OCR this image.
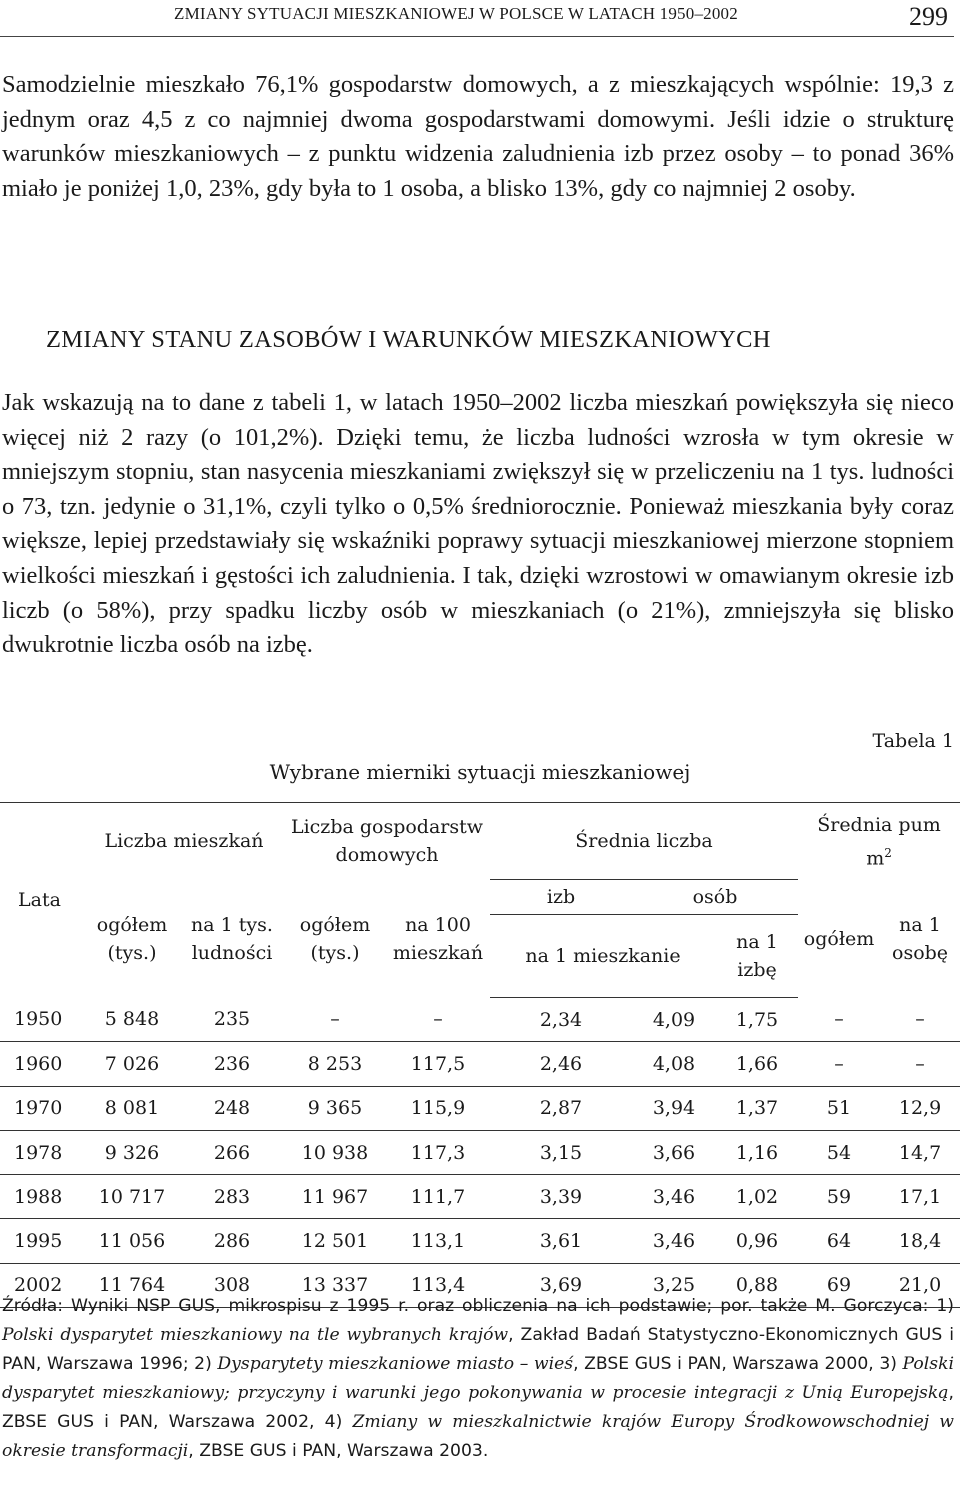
ZMIANY SYTUACJI MIESZKANIOWEJ W POLSCE W LATACH 1950–2002	299

Samodzielnie mieszkało 76,1% gospodarstw domowych, a z mieszkających wspólnie: 19,3 z jednym oraz 4,5 z co najmniej dwoma gospodarstwami domowymi. Jeśli idzie o strukturę warunków mieszkaniowych – z punktu widzenia zaludnienia izb przez osoby – to ponad 36% miało je poniżej 1,0, 23%, gdy była to 1 osoba, a blisko 13%, gdy co najmniej 2 osoby.

ZMIANY STANU ZASOBÓW I WARUNKÓW MIESZKANIOWYCH

Jak wskazują na to dane z tabeli 1, w latach 1950–2002 liczba mieszkań powiększyła się nieco więcej niż 2 razy (o 101,2%). Dzięki temu, że liczba ludności wzrosła w tym okresie w mniejszym stopniu, stan nasycenia mieszkaniami zwiększył się w przeliczeniu na 1 tys. ludności o 73, tzn. jedynie o 31,1%, czyli tylko o 0,5% średniorocznie. Ponieważ mieszkania były coraz większe, lepiej przedstawiały się wskaźniki poprawy sytuacji mieszkaniowej mierzone stopniem wielkości mieszkań i gęstości ich zaludnienia. I tak, dzięki wzrostowi w omawianym okresie izb liczb (o 58%), przy spadku liczby osób w mieszkaniach (o 21%), zmniejszyła się blisko dwukrotnie liczba osób na izbę.

Tabela 1
Wybrane mierniki sytuacji mieszkaniowej
Lata	Liczba mieszkań		Liczba gospodarstw domowych		Średnia liczba			Średnia pum
$m^2$
	ogółem (tys.)	na 1 tys. ludności	ogółem (tys.)	na 100 mieszkań	izb	osób		ogółem	na 1 osobę
					na 1 mieszkanie		na 1 izbę		
1950	5 848	235	–	–	2,34	4,09	1,75	–	–
1960	7 026	236	8 253	117,5	2,46	4,08	1,66	–	–
1970	8 081	248	9 365	115,9	2,87	3,94	1,37	51	12,9
1978	9 326	266	10 938	117,3	3,15	3,66	1,16	54	14,7
1988	10 717	283	11 967	111,7	3,39	3,46	1,02	59	17,1
1995	11 056	286	12 501	113,1	3,61	3,46	0,96	64	18,4
2002	11 764	308	13 337	113,4	3,69	3,25	0,88	69	21,0

Źródła: Wyniki NSP GUS, mikrospisu z 1995 r. oraz obliczenia na ich podstawie; por. także M. Gorczyca: 1) Polski dysparytet mieszkaniowy na tle wybranych krajów, Zakład Badań Statystyczno-Ekonomicznych GUS i PAN, Warszawa 1996; 2) Dysparytety mieszkaniowe miasto – wieś, ZBSE GUS i PAN, Warszawa 2000, 3) Polski dysparytet mieszkaniowy; przyczyny i warunki jego pokonywania w procesie integracji z Unią Europejską, ZBSE GUS i PAN, Warszawa 2002, 4) Zmiany w mieszkalnictwie krajów Europy Środkowowschodniej w okresie transformacji, ZBSE GUS i PAN, Warszawa 2003.
